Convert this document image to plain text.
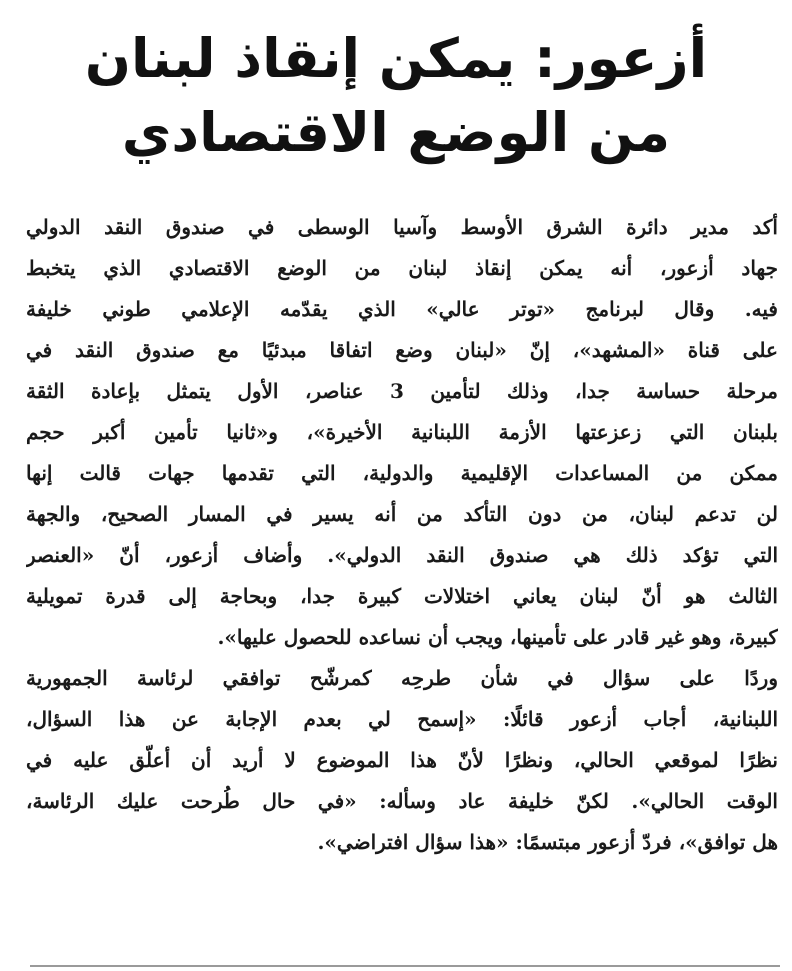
أزعور: يمكن إنقاذ لبنان
من الوضع الاقتصادي
أكد مدير دائرة الشرق الأوسط وآسيا الوسطى في صندوق النقد الدولي
جهاد أزعور، أنه يمكن إنقاذ لبنان من الوضع الاقتصادي الذي يتخبط
فيه. وقال لبرنامج «توتر عالي» الذي يقدّمه الإعلامي طوني خليفة
على قناة «المشهد»، إنّ «لبنان وضع اتفاقا مبدئيًا مع صندوق النقد في
مرحلة حساسة جدا، وذلك لتأمين 3 عناصر، الأول يتمثل بإعادة الثقة
بلبنان التي زعزعتها الأزمة اللبنانية الأخيرة»، و«ثانيا تأمين أكبر حجم
ممكن من المساعدات الإقليمية والدولية، التي تقدمها جهات قالت إنها
لن تدعم لبنان، من دون التأكد من أنه يسير في المسار الصحيح، والجهة
التي تؤكد ذلك هي صندوق النقد الدولي». وأضاف أزعور، أنّ «العنصر
الثالث هو أنّ لبنان يعاني اختلالات كبيرة جدا، وبحاجة إلى قدرة تمويلية
كبيرة، وهو غير قادر على تأمينها، ويجب أن نساعده للحصول عليها».
وردًا على سؤال في شأن طرحِه كمرشّح توافقي لرئاسة الجمهورية
اللبنانية، أجاب أزعور قائلًا: «إسمح لي بعدم الإجابة عن هذا السؤال،
نظرًا لموقعي الحالي، ونظرًا لأنّ هذا الموضوع لا أريد أن أعلّق عليه في
الوقت الحالي». لكنّ خليفة عاد وسأله: «في حال طُرحت عليك الرئاسة،
هل توافق»، فردّ أزعور مبتسمًا: «هذا سؤال افتراضي».
